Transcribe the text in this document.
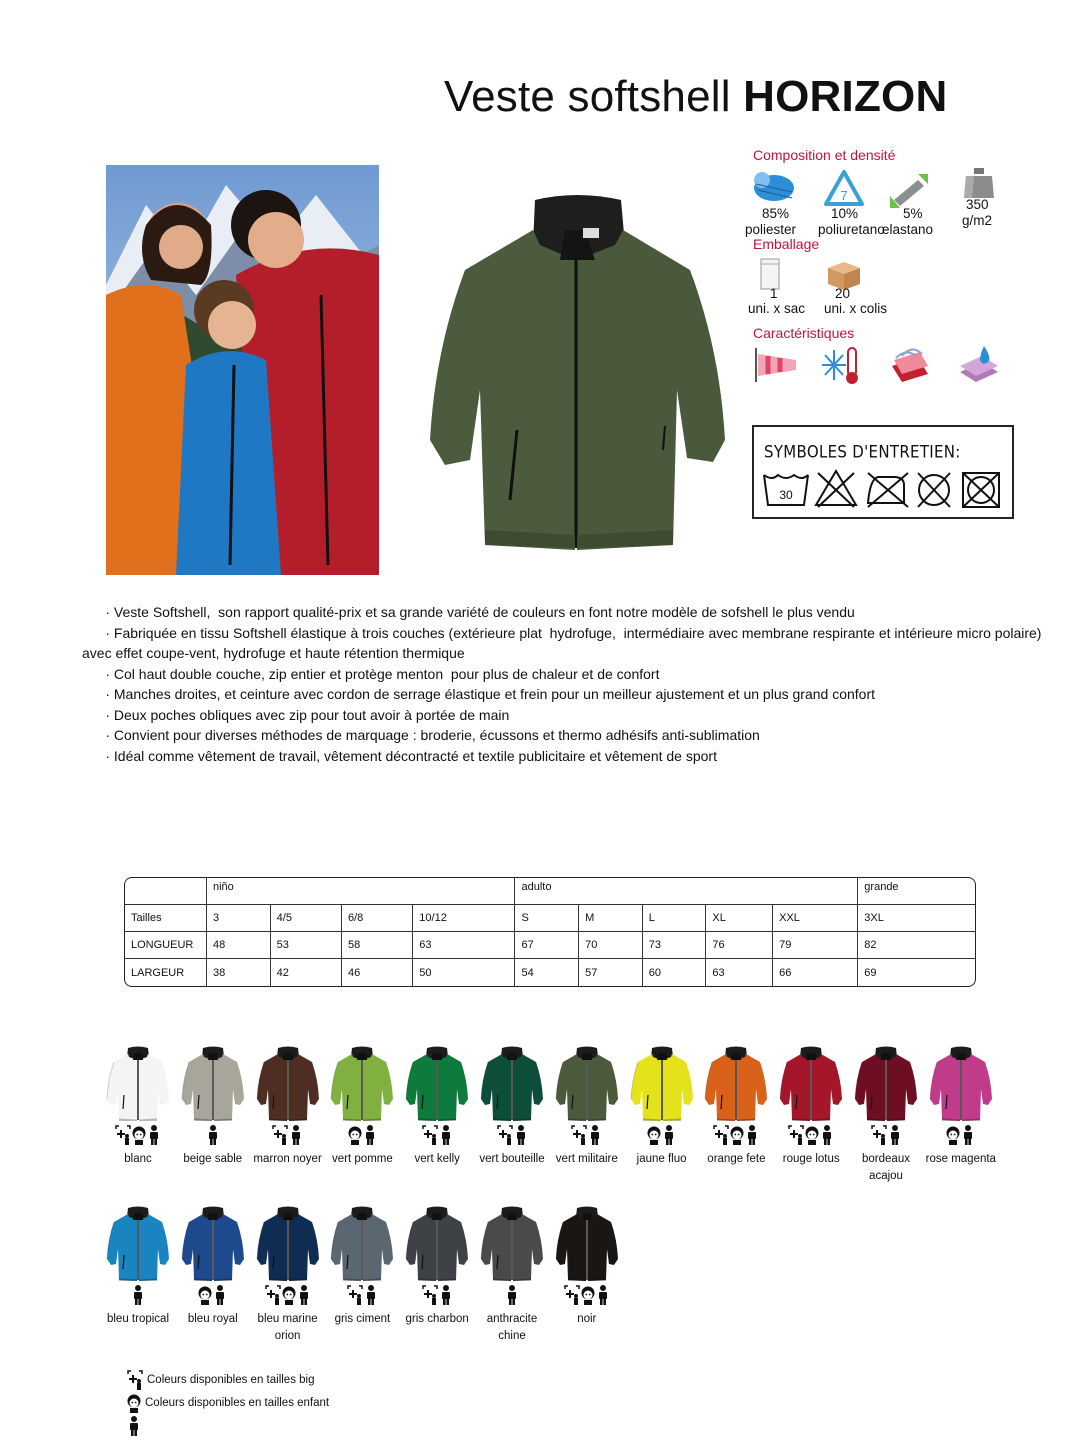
Veste softshell HORIZON
Composition et densité
7
85%	10%	5%
poliester poliuretano
elastano
350
g/m2
Emballage
1	20
uni. x sac uni. x colis
Caractéristiques
SYMBOLES D'ENTRETIEN:
30

· Veste Softshell,  son rapport qualité-prix et sa grande variété de couleurs en font notre modèle de sofshell le plus vendu

· Fabriquée en tissu Softshell élastique à trois couches (extérieure plat  hydrofuge,  intermédiaire avec membrane respirante et intérieure micro polaire) avec effet coupe-vent, hydrofuge et haute rétention thermique

· Col haut double couche, zip entier et protège menton  pour plus de chaleur et de confort

· Manches droites, et ceinture avec cordon de serrage élastique et frein pour un meilleur ajustement et un plus grand confort

· Deux poches obliques avec zip pour tout avoir à portée de main

· Convient pour diverses méthodes de marquage : broderie, écussons et thermo adhésifs anti-sublimation

· Idéal comme vêtement de travail, vêtement décontracté et textile publicitaire et vêtement de sport

	niño				adulto					grande
Tailles	3	4/5	6/8	10/12	S	M	L	XL	XXL	3XL
LONGUEUR	48	53	58	63	67	70	73	76	79	82
LARGEUR	38	42	46	50	54	57	60	63	66	69
blanc	beige sable marron noyer vert pomme	vert kelly	vert bouteille vert militaire	jaune fluo	orange fete	rouge lotus	bordeaux acajou
rose magenta
bleu tropical	bleu royal	bleu marine orion
gris ciment	gris charbon	anthracite chine
noir
Coleurs disponibles en tailles big
Coleurs disponibles en tailles enfant
